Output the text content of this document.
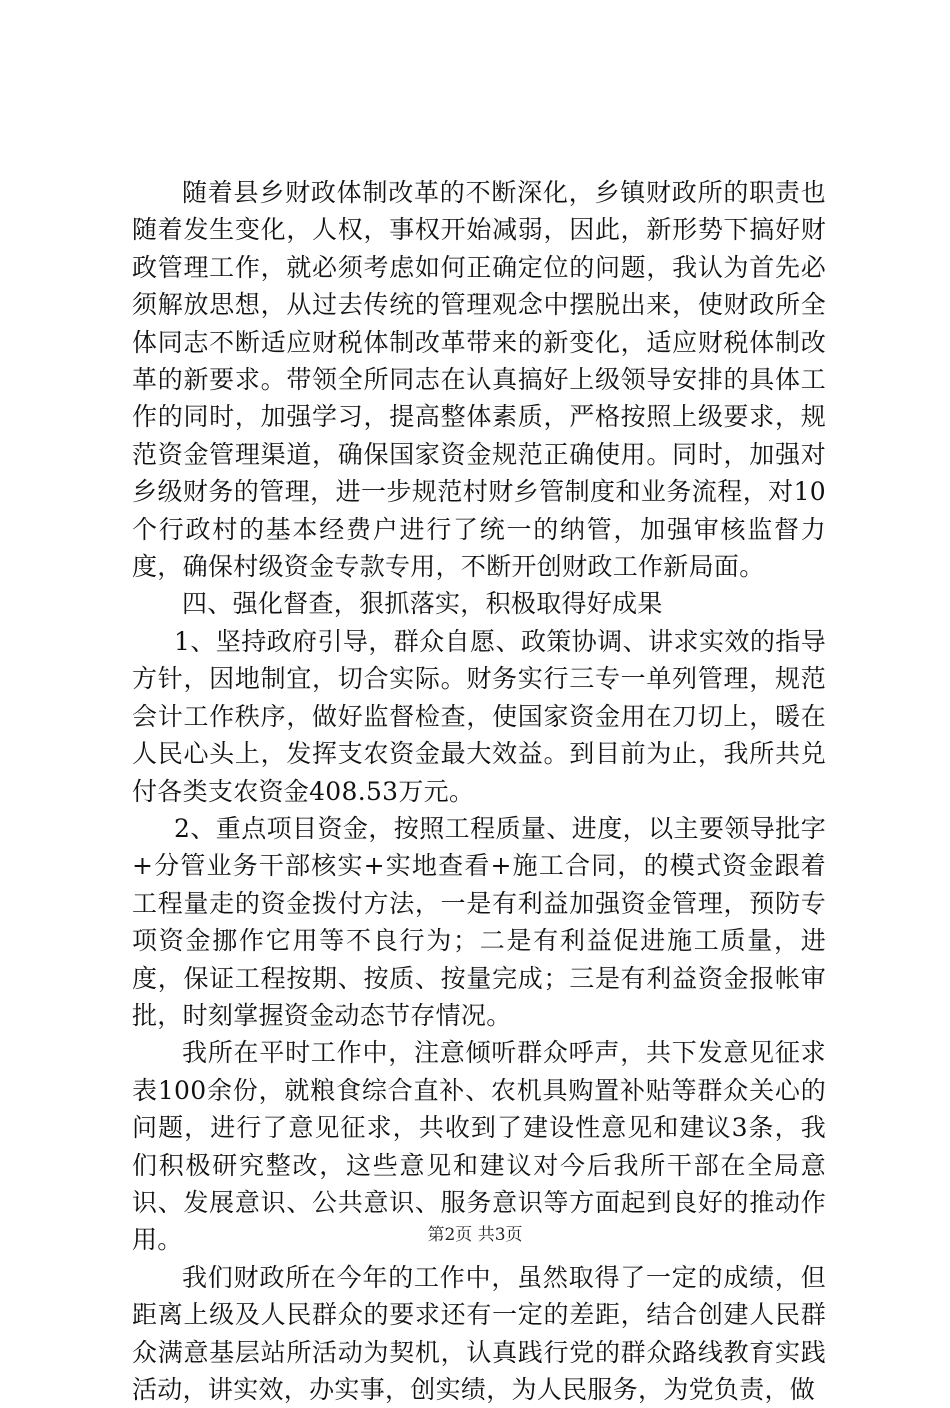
随着县乡财政体制改革的不断深化，乡镇财政所的职责也随着发生变化，人权，事权开始减弱，因此，新形势下搞好财政管理工作，就必须考虑如何正确定位的问题，我认为首先必须解放思想，从过去传统的管理观念中摆脱出来，使财政所全体同志不断适应财税体制改革带来的新变化，适应财税体制改革的新要求。带领全所同志在认真搞好上级领导安排的具体工作的同时，加强学习，提高整体素质，严格按照上级要求，规范资金管理渠道，确保国家资金规范正确使用。同时，加强对乡级财务的管理，进一步规范村财乡管制度和业务流程，对10个行政村的基本经费户进行了统一的纳管，加强审核监督力度，确保村级资金专款专用，不断开创财政工作新局面。

四、强化督查，狠抓落实，积极取得好成果

1、坚持政府引导，群众自愿、政策协调、讲求实效的指导方针，因地制宜，切合实际。财务实行三专一单列管理，规范会计工作秩序，做好监督检查，使国家资金用在刀切上，暖在人民心头上，发挥支农资金最大效益。到目前为止，我所共兑付各类支农资金408.53万元。

2、重点项目资金，按照工程质量、进度，以主要领导批字+分管业务干部核实+实地查看+施工合同，的模式资金跟着工程量走的资金拨付方法，一是有利益加强资金管理，预防专项资金挪作它用等不良行为；二是有利益促进施工质量，进度，保证工程按期、按质、按量完成；三是有利益资金报帐审批，时刻掌握资金动态节存情况。

我所在平时工作中，注意倾听群众呼声，共下发意见征求表100余份，就粮食综合直补、农机具购置补贴等群众关心的问题，进行了意见征求，共收到了建设性意见和建议3条，我们积极研究整改，这些意见和建议对今后我所干部在全局意识、发展意识、公共意识、服务意识等方面起到良好的推动作用。

我们财政所在今年的工作中，虽然取得了一定的成绩，但距离上级及人民群众的要求还有一定的差距，结合创建人民群众满意基层站所活动为契机，认真践行党的群众路线教育实践活动，讲实效，办实事，创实绩，为人民服务，为党负责，做

第2页 共3页
